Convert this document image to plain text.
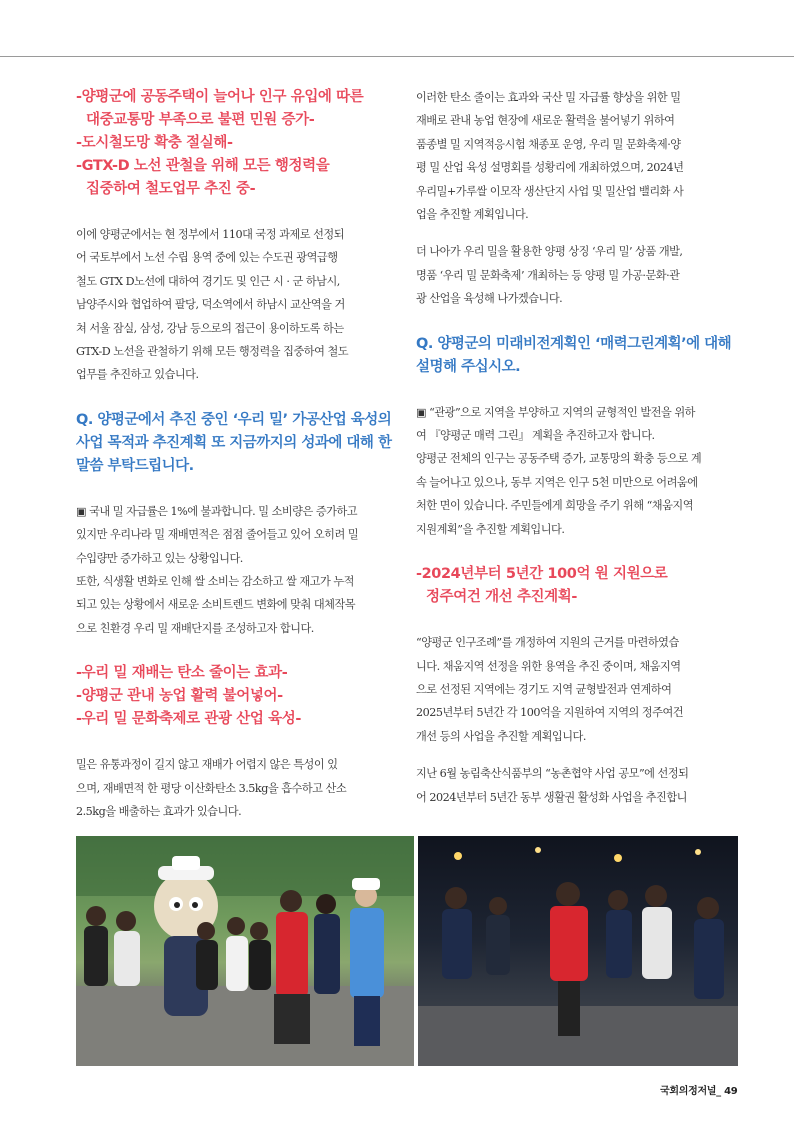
-양평군에 공동주택이 늘어나 인구 유입에 따른
대중교통망 부족으로 불편 민원 증가-
-도시철도망 확충 절실해-
-GTX-D 노선 관철을 위해 모든 행정력을
집중하여 철도업무 추진 중-
이에 양평군에서는 현 정부에서 110대 국정 과제로 선정되
어 국토부에서 노선 수립 용역 중에 있는 수도권 광역급행
철도 GTX D노선에 대하여 경기도 및 인근 시 · 군 하남시,
남양주시와 협업하여 팔당, 덕소역에서 하남시 교산역을 거
쳐 서울 잠실, 삼성, 강남 등으로의 접근이 용이하도록 하는
GTX-D 노선을 관철하기 위해 모든 행정력을 집중하여 철도
업무를 추진하고 있습니다.
Q. 양평군에서 추진 중인 ‘우리 밀’ 가공산업 육성의
사업 목적과 추진계획 또 지금까지의 성과에 대해 한
말씀 부탁드립니다.
▣ 국내 밀 자급률은 1%에 불과합니다. 밀 소비량은 증가하고
있지만 우리나라 밀 재배면적은 점점 줄어들고 있어 오히려 밀
수입량만 증가하고 있는 상황입니다.
또한, 식생활 변화로 인해 쌀 소비는 감소하고 쌀 재고가 누적
되고 있는 상황에서 새로운 소비트렌드 변화에 맞춰 대체작목
으로 친환경 우리 밀 재배단지를 조성하고자 합니다.
-우리 밀 재배는 탄소 줄이는 효과-
-양평군 관내 농업 활력 불어넣어-
-우리 밀 문화축제로 관광 산업 육성-
밀은 유통과정이 길지 않고 재배가 어렵지 않은 특성이 있
으며, 재배면적 한 평당 이산화탄소 3.5kg을 흡수하고 산소
2.5kg을 배출하는 효과가 있습니다.
이러한 탄소 줄이는 효과와 국산 밀 자급률 향상을 위한 밀
재배로 관내 농업 현장에 새로운 활력을 불어넣기 위하여
품종별 밀 지역적응시험 채종포 운영, 우리 밀 문화축제·양
평 밀 산업 육성 설명회를 성황리에 개최하였으며, 2024년
우리밀+가루쌀 이모작 생산단지 사업 및 밀산업 밸리화 사
업을 추진할 계획입니다.
더 나아가 우리 밀을 활용한 양평 상징 ‘우리 밀’ 상품 개발,
명품 ‘우리 밀 문화축제’ 개최하는 등 양평 밀 가공·문화·관
광 산업을 육성해 나가겠습니다.
Q. 양평군의 미래비전계획인 ‘매력그린계획’에 대해
설명해 주십시오.
▣ “관광”으로 지역을 부양하고 지역의 균형적인 발전을 위하
여 『양평군 매력 그린』 계획을 추진하고자 합니다.
양평군 전체의 인구는 공동주택 증가, 교통망의 확충 등으로 계
속 늘어나고 있으나, 동부 지역은 인구 5천 미만으로 어려움에
처한 면이 있습니다. 주민들에게 희망을 주기 위해 “채움지역
지원계획”을 추진할 계획입니다.
-2024년부터 5년간 100억 원 지원으로
정주여건 개선 추진계획-
“양평군 인구조례”를 개정하여 지원의 근거를 마련하였습
니다. 채움지역 선정을 위한 용역을 추진 중이며, 채움지역
으로 선정된 지역에는 경기도 지역 균형발전과 연계하여
2025년부터 5년간 각 100억을 지원하여 지역의 정주여건
개선 등의 사업을 추진할 계획입니다.
지난 6월 농림축산식품부의 “농촌협약 사업 공모”에 선정되
어 2024년부터 5년간 동부 생활권 활성화 사업을 추진합니
국회의정저널_ 49
